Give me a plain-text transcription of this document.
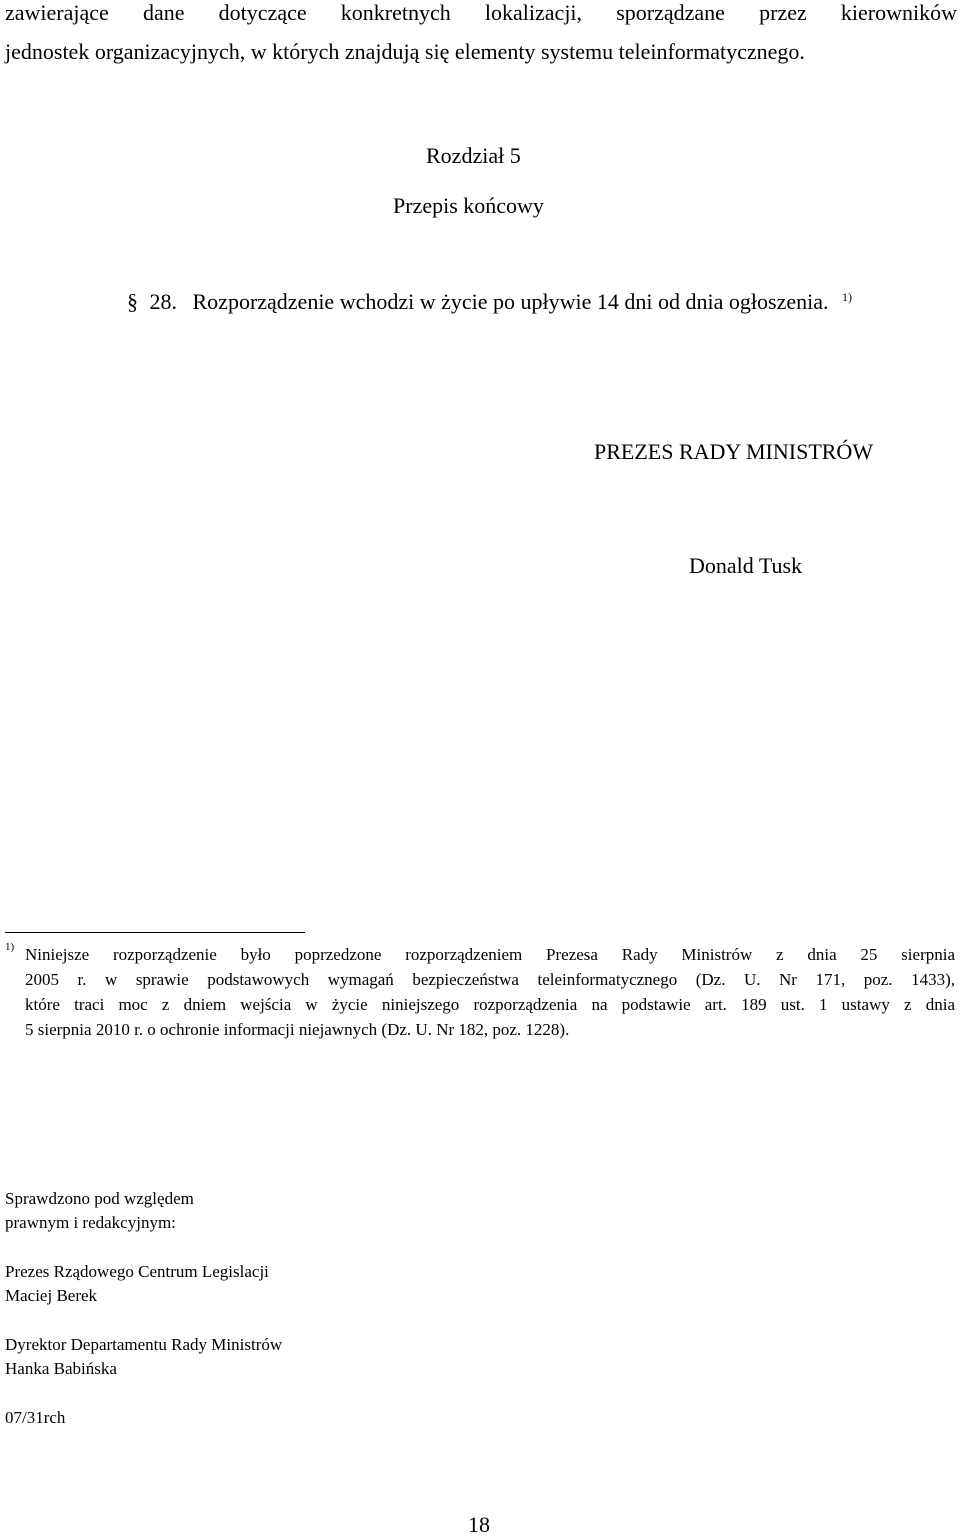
zawierające dane dotyczące konkretnych lokalizacji, sporządzane przez kierowników
jednostek organizacyjnych, w których znajdują się elementy systemu teleinformatycznego.
Rozdział 5
Przepis końcowy
§ 28. Rozporządzenie wchodzi w życie po upływie 14 dni od dnia ogłoszenia. $^{1)}$
PREZES RADY MINISTRÓW
Donald Tusk
1) Niniejsze rozporządzenie było poprzedzone rozporządzeniem Prezesa Rady Ministrów z dnia 25 sierpnia
2005 r. w sprawie podstawowych wymagań bezpieczeństwa teleinformatycznego (Dz. U. Nr 171, poz. 1433),
które traci moc z dniem wejścia w życie niniejszego rozporządzenia na podstawie art. 189 ust. 1 ustawy z dnia
5 sierpnia 2010 r. o ochronie informacji niejawnych (Dz. U. Nr 182, poz. 1228).
Sprawdzono pod względem
prawnym i redakcyjnym:
Prezes Rządowego Centrum Legislacji
Maciej Berek
Dyrektor Departamentu Rady Ministrów
Hanka Babińska
07/31rch
18
